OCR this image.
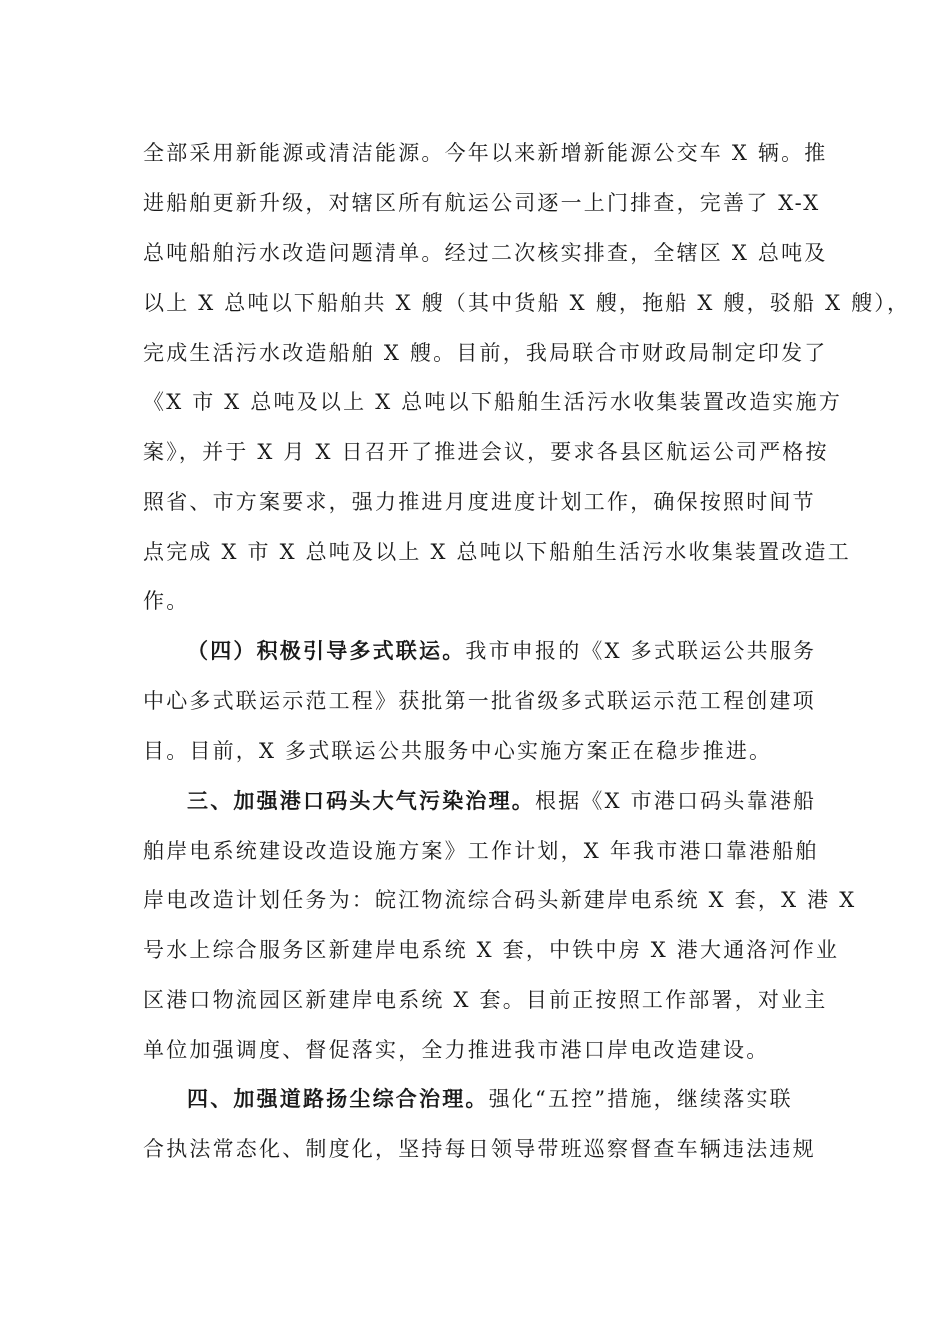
全部采用新能源或清洁能源。今年以来新增新能源公交车 X 辆。推
进船舶更新升级，对辖区所有航运公司逐一上门排查，完善了 X-X
总吨船舶污水改造问题清单。经过二次核实排查，全辖区 X 总吨及
以上 X 总吨以下船舶共 X 艘（其中货船 X 艘，拖船 X 艘，驳船 X 艘），
完成生活污水改造船舶 X 艘。目前，我局联合市财政局制定印发了
《X 市 X 总吨及以上 X 总吨以下船舶生活污水收集装置改造实施方
案》，并于 X 月 X 日召开了推进会议，要求各县区航运公司严格按
照省、市方案要求，强力推进月度进度计划工作，确保按照时间节
点完成 X 市 X 总吨及以上 X 总吨以下船舶生活污水收集装置改造工
作。
（四）积极引导多式联运。我市申报的《X 多式联运公共服务
中心多式联运示范工程》获批第一批省级多式联运示范工程创建项
目。目前，X 多式联运公共服务中心实施方案正在稳步推进。
三、加强港口码头大气污染治理。根据《X 市港口码头靠港船
舶岸电系统建设改造设施方案》工作计划，X 年我市港口靠港船舶
岸电改造计划任务为：皖江物流综合码头新建岸电系统 X 套，X 港 X
号水上综合服务区新建岸电系统 X 套，中铁中房 X 港大通洛河作业
区港口物流园区新建岸电系统 X 套。目前正按照工作部署，对业主
单位加强调度、督促落实，全力推进我市港口岸电改造建设。
四、加强道路扬尘综合治理。强化“五控”措施，继续落实联
合执法常态化、制度化，坚持每日领导带班巡察督查车辆违法违规
